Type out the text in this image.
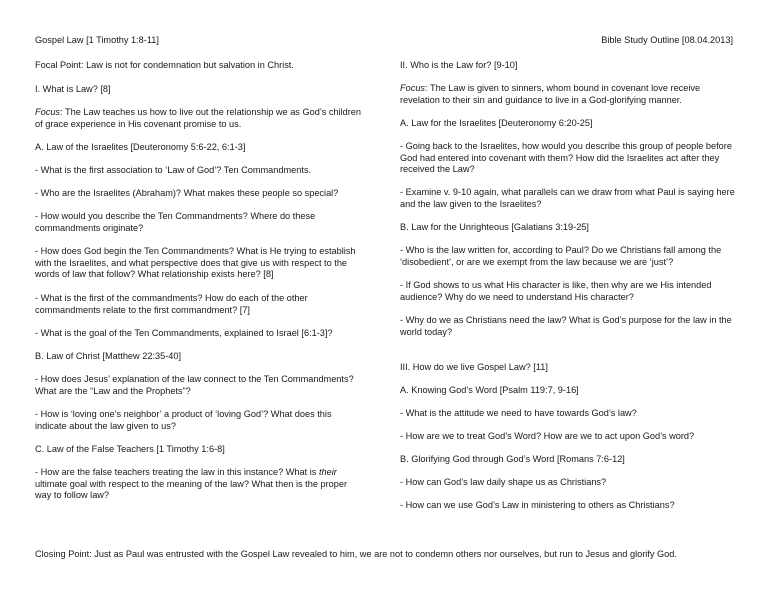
Gospel Law [1 Timothy 1:8-11]	Bible Study Outline [08.04.2013]

Focal Point: Law is not for condemnation but salvation in Christ.

I. What is Law? [8]

Focus: The Law teaches us how to live out the relationship we as God’s children of grace experience in His covenant promise to us.

A. Law of the Israelites [Deuteronomy 5:6-22, 6:1-3]

- What is the first association to ‘Law of God’? Ten Commandments.

- Who are the Israelites (Abraham)? What makes these people so special?

- How would you describe the Ten Commandments? Where do these commandments originate?

- How does God begin the Ten Commandments? What is He trying to establish with the Israelites, and what perspective does that give us with respect to the words of law that follow? What relationship exists here? [8]

- What is the first of the commandments? How do each of the other commandments relate to the first commandment? [7]

- What is the goal of the Ten Commandments, explained to Israel [6:1-3]?

B. Law of Christ [Matthew 22:35-40]

- How does Jesus’ explanation of the law connect to the Ten Commandments? What are the “Law and the Prophets”?

- How is ‘loving one’s neighbor’ a product of ‘loving God’? What does this indicate about the law given to us?

C. Law of the False Teachers [1 Timothy 1:6-8]

- How are the false teachers treating the law in this instance? What is their ultimate goal with respect to the meaning of the law? What then is the proper way to follow law?

II. Who is the Law for? [9-10]

Focus: The Law is given to sinners, whom bound in covenant love receive revelation to their sin and guidance to live in a God-glorifying manner.

A. Law for the Israelites [Deuteronomy 6:20-25]

- Going back to the Israelites, how would you describe this group of people before God had entered into covenant with them? How did the Israelites act after they received the Law?

- Examine v. 9-10 again, what parallels can we draw from what Paul is saying here and the law given to the Israelites?

B. Law for the Unrighteous [Galatians 3:19-25]

- Who is the law written for, according to Paul? Do we Christians fall among the ‘disobedient’, or are we exempt from the law because we are ‘just’?

- If God shows to us what His character is like, then why are we His intended audience? Why do we need to understand His character?

- Why do we as Christians need the law? What is God’s purpose for the law in the world today?

III. How do we live Gospel Law? [11]

A. Knowing God’s Word [Psalm 119:7, 9-16]

- What is the attitude we need to have towards God’s law?

- How are we to treat God’s Word? How are we to act upon God’s word?

B. Glorifying God through God’s Word [Romans 7:6-12]

- How can God’s law daily shape us as Christians?

- How can we use God’s Law in ministering to others as Christians?

Closing Point: Just as Paul was entrusted with the Gospel Law revealed to him, we are not to condemn others nor ourselves, but run to Jesus and glorify God.
